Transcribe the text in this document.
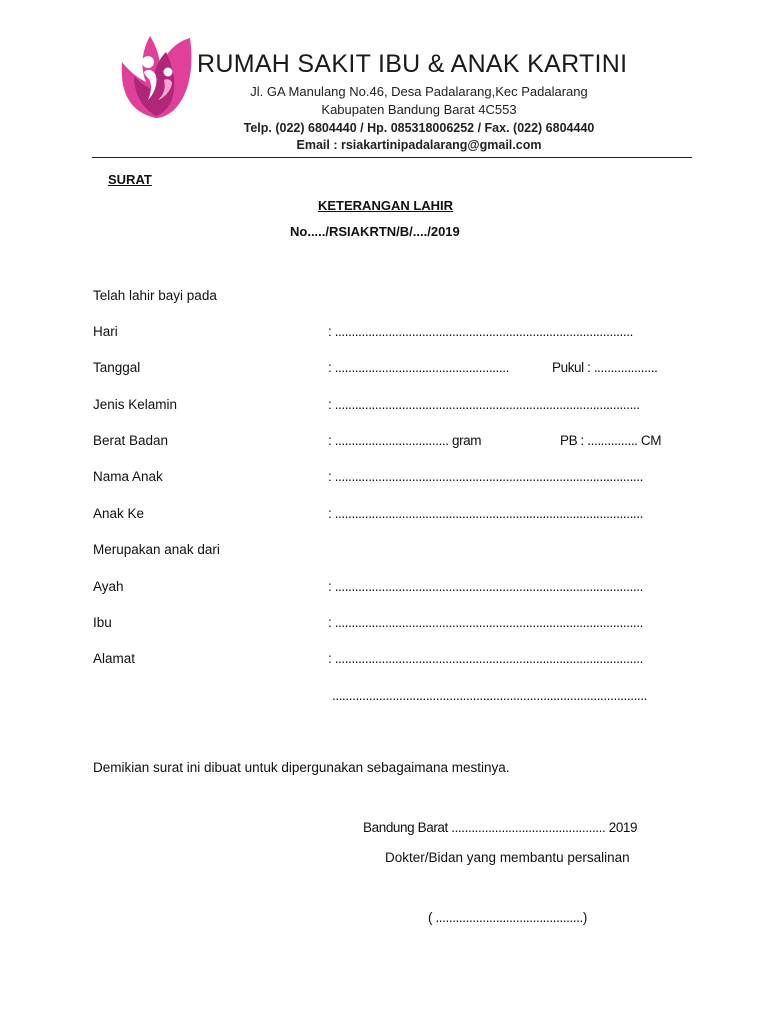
RUMAH SAKIT IBU & ANAK KARTINI
Jl. GA Manulang No.46, Desa Padalarang,Kec Padalarang
Kabupaten Bandung Barat 4C553
Telp. (022) 6804440 / Hp. 085318006252 / Fax. (022) 6804440
Email : rsiakartinipadalarang@gmail.com
SURAT
KETERANGAN LAHIR
No...../RSIAKRTN/B/..../2019
Telah lahir bayi pada
Hari	: .........................................................................................
Tanggal	: ....................................................	Pukul : ...................
Jenis Kelamin	: ...........................................................................................
Berat Badan	: .................................. gram	PB : ............... CM
Nama Anak	: ............................................................................................
Anak Ke	: ............................................................................................
Merupakan anak dari
Ayah	: ............................................................................................
Ibu	: ............................................................................................
Alamat	: ............................................................................................
..............................................................................................
Demikian surat ini dibuat untuk dipergunakan sebagaimana mestinya.
Bandung Barat .............................................. 2019
Dokter/Bidan yang membantu persalinan
( ............................................)
